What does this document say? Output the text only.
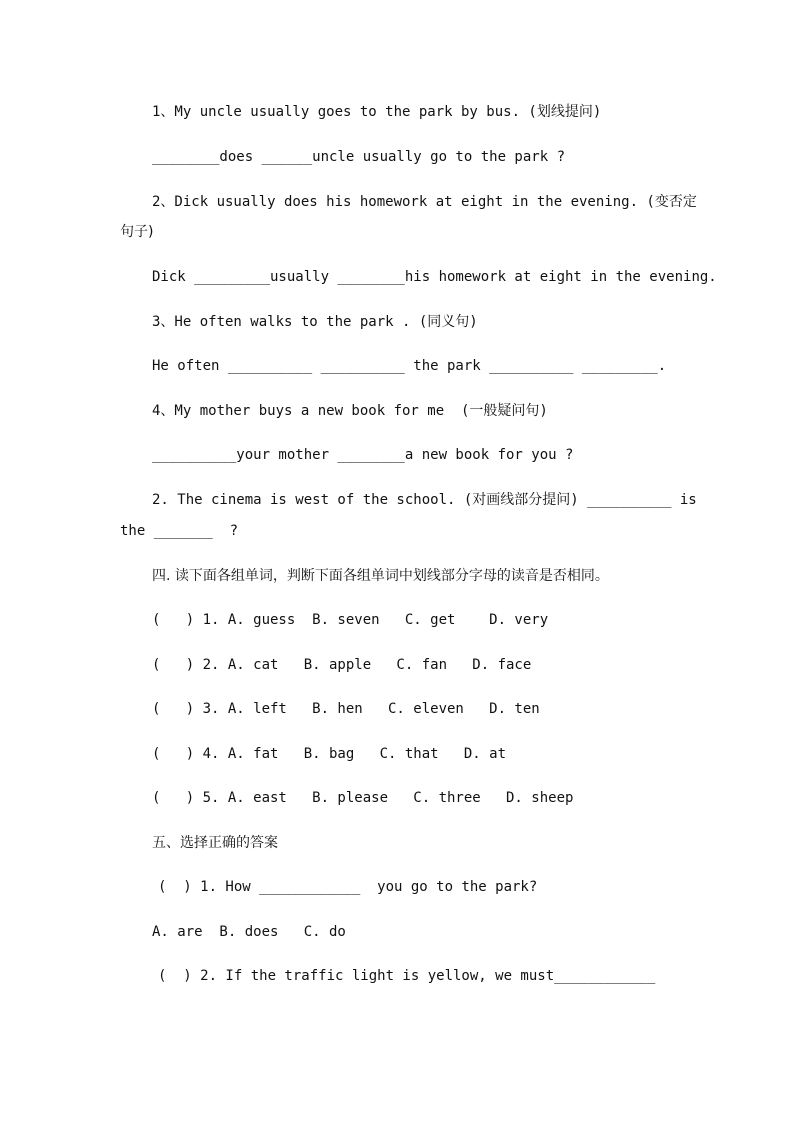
1、My uncle usually goes to the park by bus. (划线提问)
________does ______uncle usually go to the park ?
2、Dick usually does his homework at eight in the evening. (变否定
句子)
Dick _________usually ________his homework at eight in the evening.
3、He often walks to the park . (同义句)
He often __________ __________ the park __________ _________.
4、My mother buys a new book for me  (一般疑问句)
__________your mother ________a new book for you ?
2. The cinema is west of the school. (对画线部分提问) __________ is
the _______  ?
四. 读下面各组单词，判断下面各组单词中划线部分字母的读音是否相同。
(   ) 1. A. guess  B. seven   C. get    D. very
(   ) 2. A. cat   B. apple   C. fan   D. face
(   ) 3. A. left   B. hen   C. eleven   D. ten
(   ) 4. A. fat   B. bag   C. that   D. at
(   ) 5. A. east   B. please   C. three   D. sheep
五、选择正确的答案
(  ) 1. How ____________  you go to the park?
A. are  B. does   C. do
(  ) 2. If the traffic light is yellow, we must____________
